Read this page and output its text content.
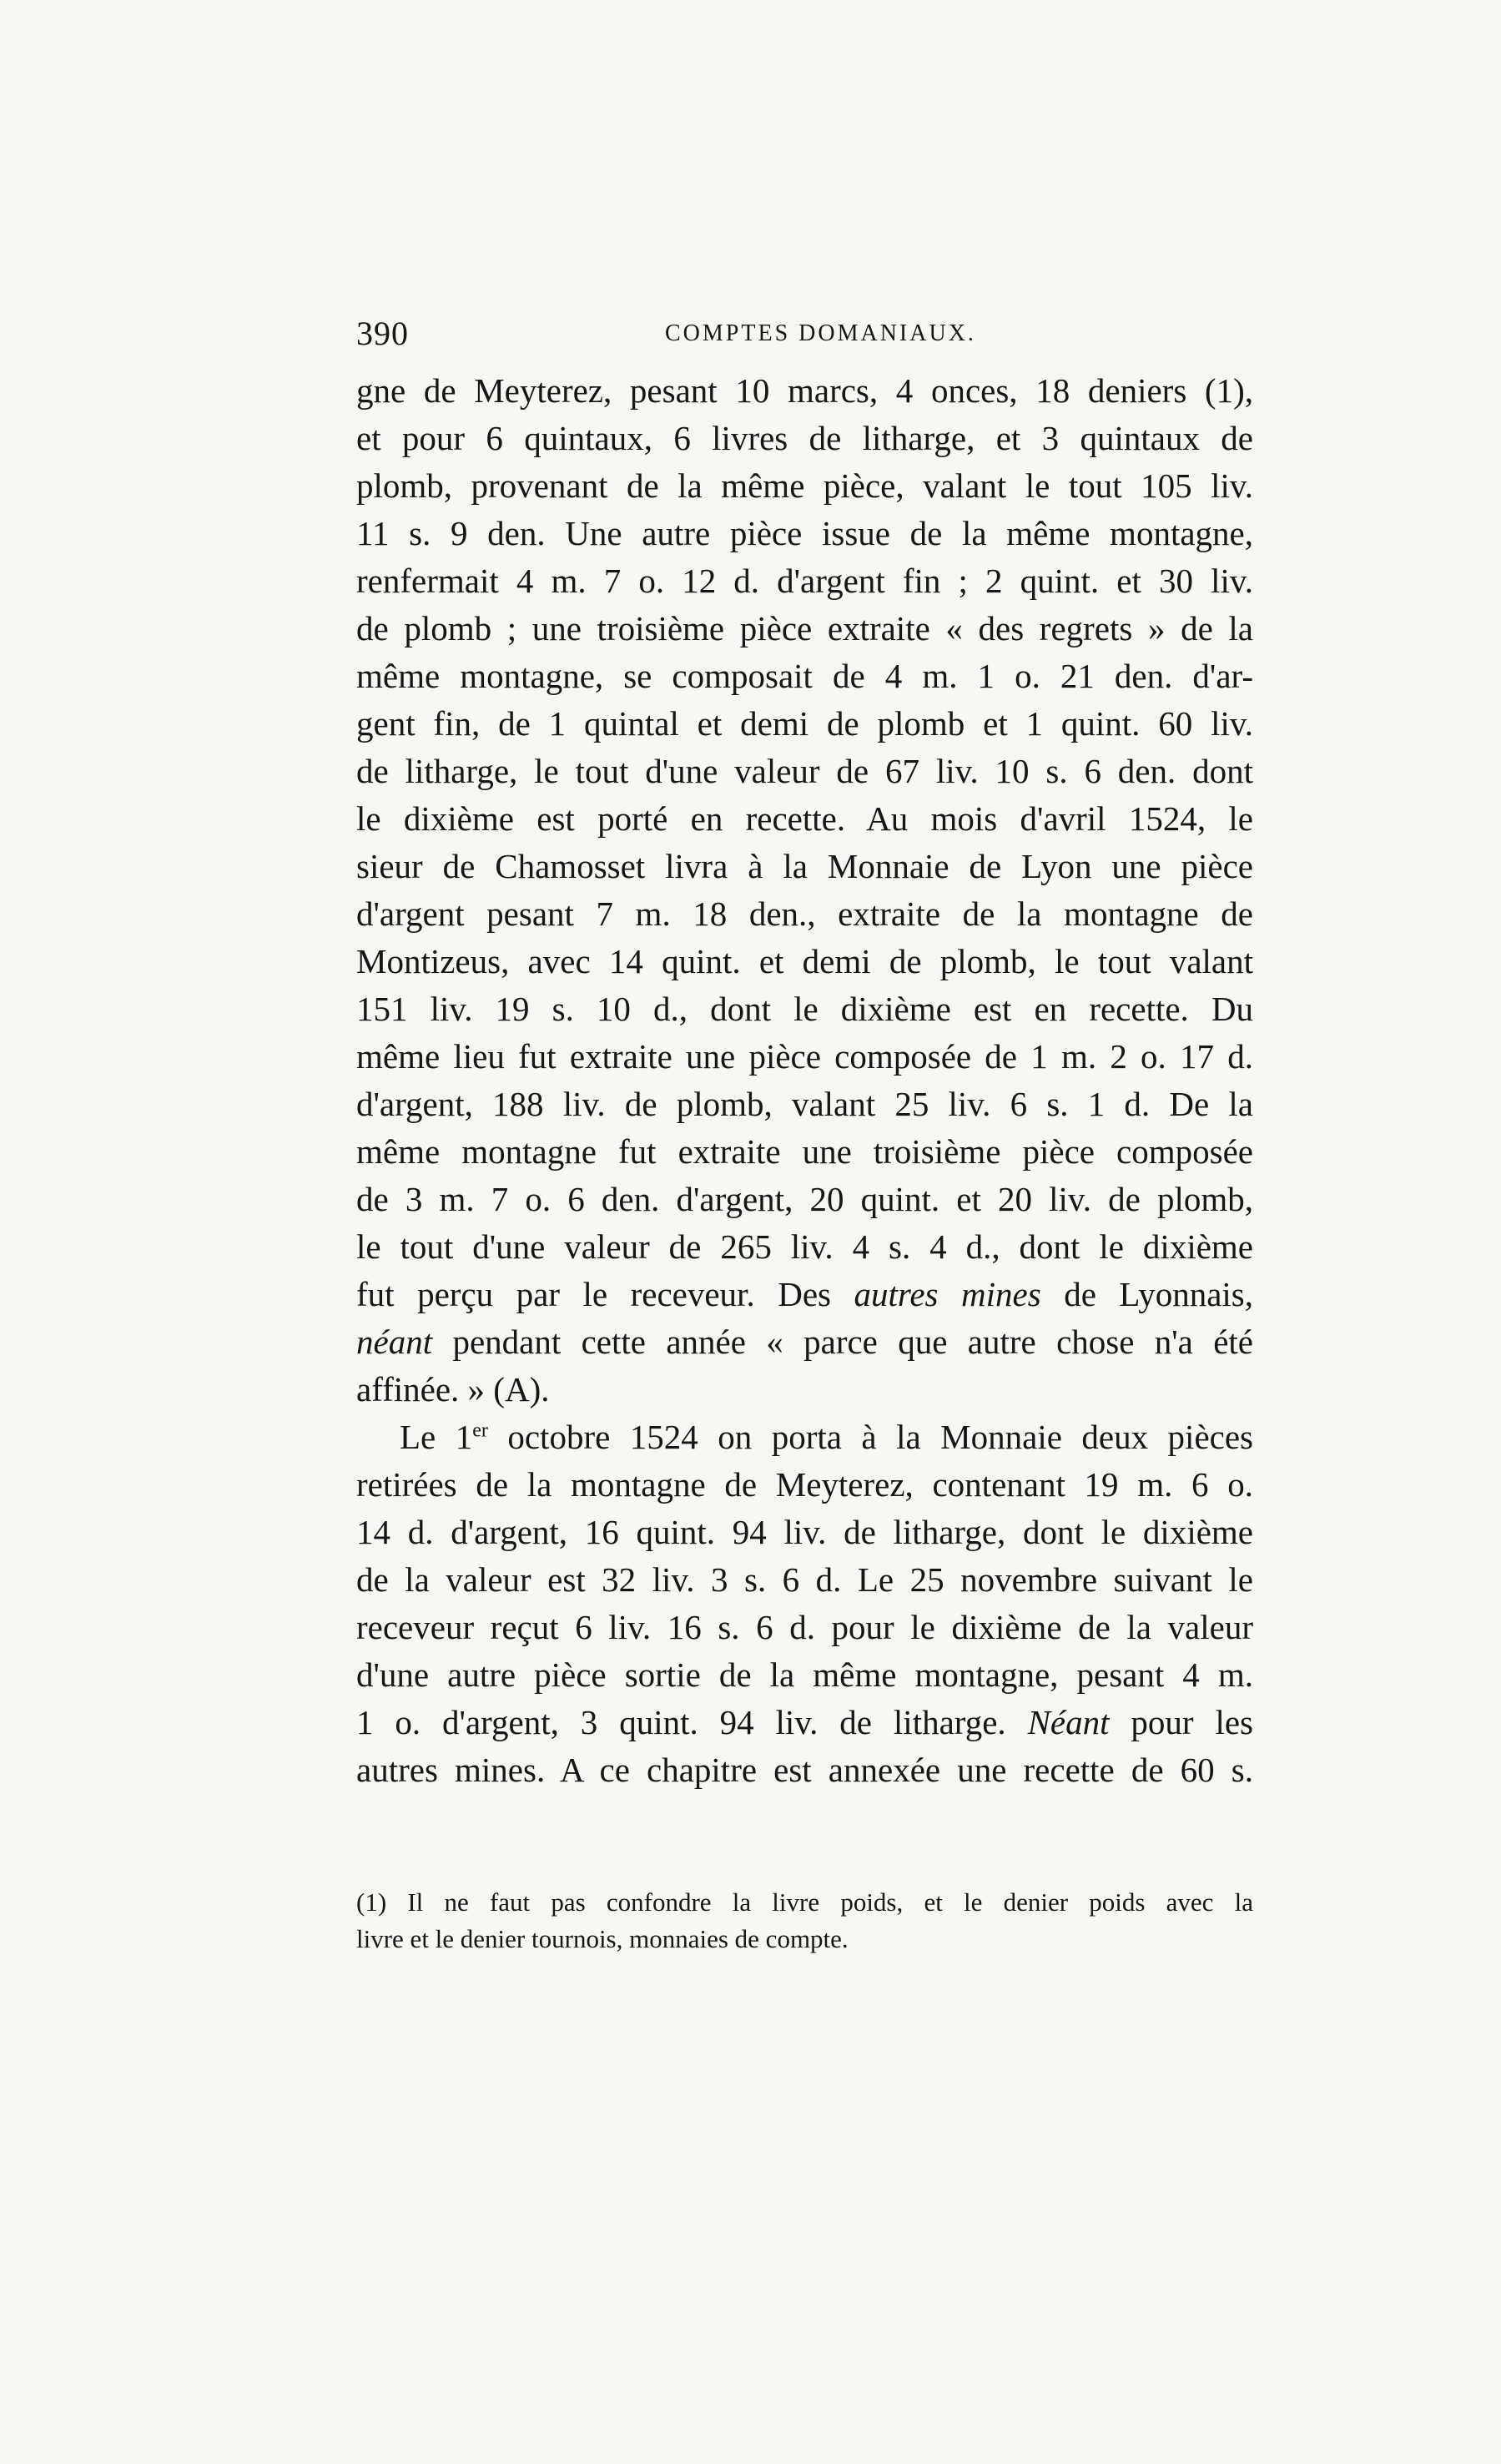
390	COMPTES DOMANIAUX.
gne de Meyterez, pesant 10 marcs, 4 onces, 18 deniers (1),
et pour 6 quintaux, 6 livres de litharge, et 3 quintaux de
plomb, provenant de la même pièce, valant le tout 105 liv.
11 s. 9 den. Une autre pièce issue de la même montagne,
renfermait 4 m. 7 o. 12 d. d'argent fin ; 2 quint. et 30 liv.
de plomb ; une troisième pièce extraite « des regrets » de la
même montagne, se composait de 4 m. 1 o. 21 den. d'ar-
gent fin, de 1 quintal et demi de plomb et 1 quint. 60 liv.
de litharge, le tout d'une valeur de 67 liv. 10 s. 6 den. dont
le dixième est porté en recette. Au mois d'avril 1524, le
sieur de Chamosset livra à la Monnaie de Lyon une pièce
d'argent pesant 7 m. 18 den., extraite de la montagne de
Montizeus, avec 14 quint. et demi de plomb, le tout valant
151 liv. 19 s. 10 d., dont le dixième est en recette. Du
même lieu fut extraite une pièce composée de 1 m. 2 o. 17 d.
d'argent, 188 liv. de plomb, valant 25 liv. 6 s. 1 d. De la
même montagne fut extraite une troisième pièce composée
de 3 m. 7 o. 6 den. d'argent, 20 quint. et 20 liv. de plomb,
le tout d'une valeur de 265 liv. 4 s. 4 d., dont le dixième
fut perçu par le receveur. Des autres mines de Lyonnais,
néant pendant cette année « parce que autre chose n'a été
affinée. » (A).
Le 1er octobre 1524 on porta à la Monnaie deux pièces
retirées de la montagne de Meyterez, contenant 19 m. 6 o.
14 d. d'argent, 16 quint. 94 liv. de litharge, dont le dixième
de la valeur est 32 liv. 3 s. 6 d. Le 25 novembre suivant le
receveur reçut 6 liv. 16 s. 6 d. pour le dixième de la valeur
d'une autre pièce sortie de la même montagne, pesant 4 m.
1 o. d'argent, 3 quint. 94 liv. de litharge. Néant pour les
autres mines. A ce chapitre est annexée une recette de 60 s.
(1) Il ne faut pas confondre la livre poids, et le denier poids avec la
livre et le denier tournois, monnaies de compte.
